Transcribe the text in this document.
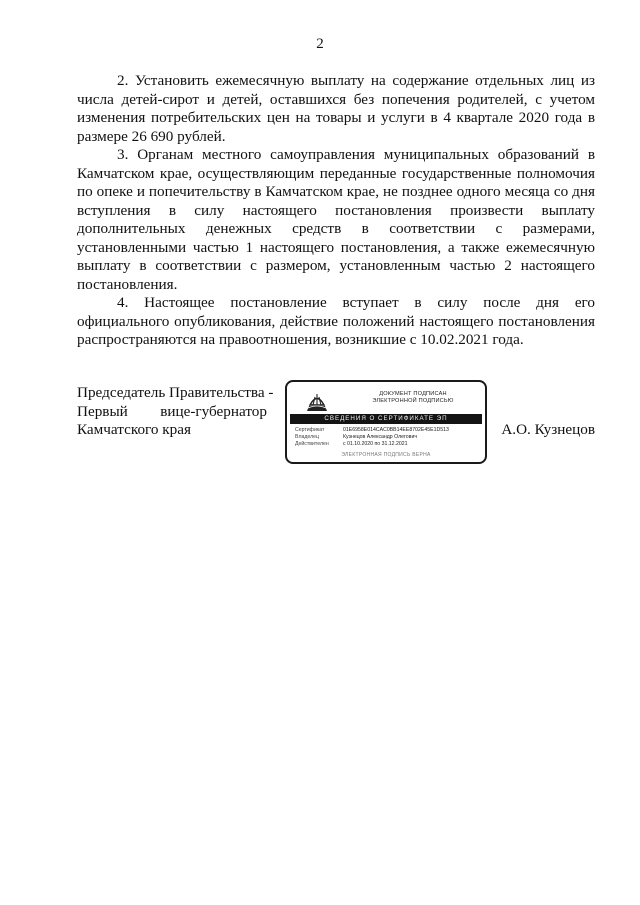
2

2. Установить ежемесячную выплату на содержание отдельных лиц из числа детей-сирот и детей, оставшихся без попечения родителей, с учетом изменения потребительских цен на товары и услуги в 4 квартале 2020 года в размере 26 690 рублей.

3. Органам местного самоуправления муниципальных образований в Камчатском крае, осуществляющим переданные государственные полномочия по опеке и попечительству в Камчатском крае, не позднее одного месяца со дня вступления в силу настоящего постановления произвести выплату дополнительных денежных средств в соответствии с размерами, установленными частью 1 настоящего постановления, а также ежемесячную выплату в соответствии с размером, установленным частью 2 настоящего постановления.

4. Настоящее постановление вступает в силу после дня его официального опубликования, действие положений настоящего постановления распространяются на правоотношения, возникшие с 10.02.2021 года.

Председатель Правительства -
Первый вице-губернатор
Камчатского края	А.О. Кузнецов
ДОКУМЕНТ ПОДПИСАН
ЭЛЕКТРОННОЙ ПОДПИСЬЮ
СВЕДЕНИЯ О СЕРТИФИКАТЕ ЭП
Сертификат	01E6958E014CAC0BB14EE8702E45E1D513
Владелец	Кузнецов Александр Олегович
Действителен	с 01.10.2020 по 31.12.2021
ЭЛЕКТРОННАЯ ПОДПИСЬ ВЕРНА
